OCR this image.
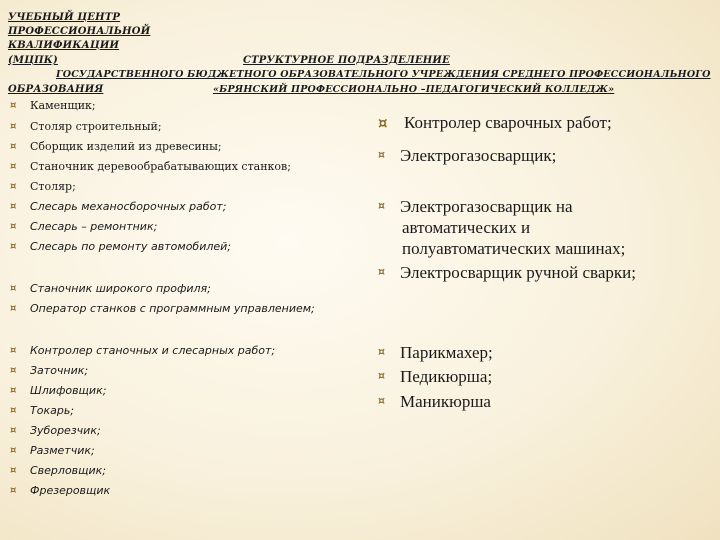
УЧЕБНЫЙ ЦЕНТР
ПРОФЕССИОНАЛЬНОЙ
КВАЛИФИКАЦИИ
(МЦПК)	СТРУКТУРНОЕ ПОДРАЗДЕЛЕНИЕ
ГОСУДАРСТВЕННОГО БЮДЖЕТНОГО ОБРАЗОВАТЕЛЬНОГО УЧРЕЖДЕНИЯ СРЕДНЕГО ПРОФЕССИОНАЛЬНОГО
ОБРАЗОВАНИЯ	«БРЯНСКИЙ ПРОФЕССИОНАЛЬНО –ПЕДАГОГИЧЕСКИЙ КОЛЛЕДЖ»
¤	Каменщик;
¤	Столяр строительный;
¤	Сборщик изделий из древесины;
¤	Станочник деревообрабатывающих станков;
¤	Столяр;
¤	Слесарь механосборочных работ;
¤	Слесарь – ремонтник;
¤	Слесарь по ремонту автомобилей;
¤	Станочник широкого профиля;
¤	Оператор станков с программным управлением;
¤	Контролер станочных и слесарных работ;
¤	Заточник;
¤	Шлифовщик;
¤	Токарь;
¤	Зуборезчик;
¤	Разметчик;
¤	Сверловщик;
¤	Фрезеровщик
¤ Контролер сварочных работ;
¤ Электрогазосварщик;
¤ Электрогазосварщик на
автоматических и
полуавтоматических машинах;
¤ Электросварщик ручной сварки;
¤ Парикмахер;
¤ Педикюрша;
¤ Маникюрша
